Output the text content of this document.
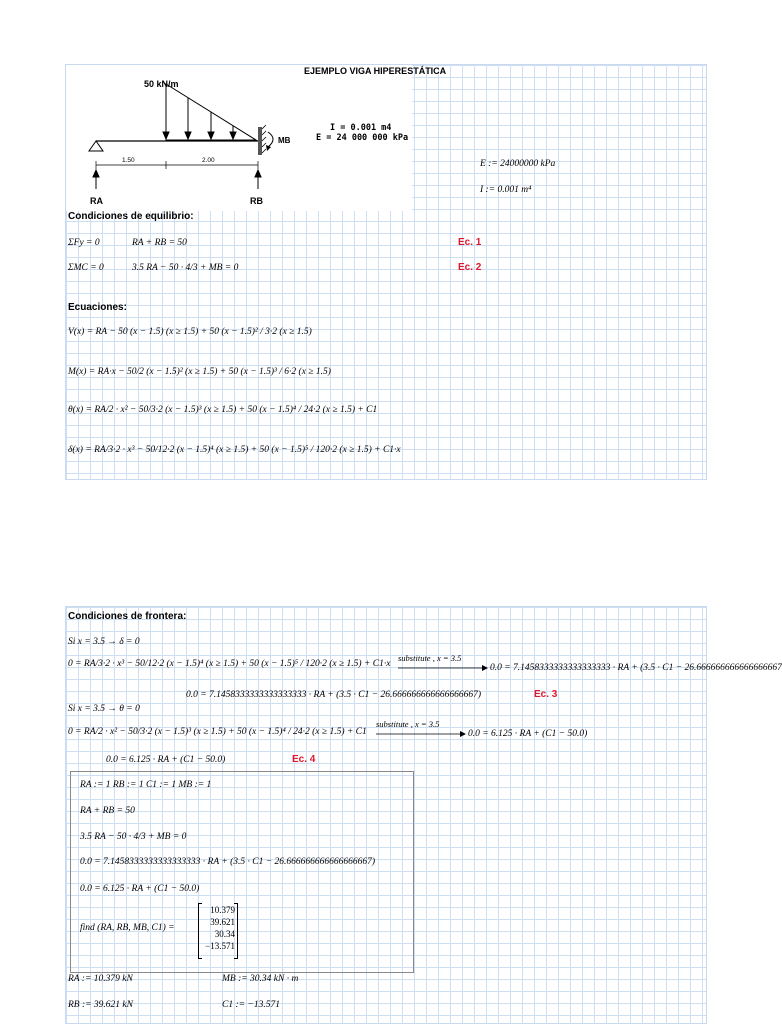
EJEMPLO VIGA HIPERESTÁTICA
50 kN/m
MB
I = 0.001 m4
E = 24 000 000 kPa
1.50	2.00
RA	RB
E := 24000000 kPa
I := 0.001 m⁴
Condiciones de equilibrio:
ΣFy = 0	RA + RB = 50	Ec. 1
ΣMC = 0	3.5 RA − 50 · 4/3 + MB = 0	Ec. 2
Ecuaciones:
V(x) = RA − 50 (x − 1.5) (x ≥ 1.5) + 50 (x − 1.5)² / 3·2 (x ≥ 1.5)
M(x) = RA·x − 50/2 (x − 1.5)² (x ≥ 1.5) + 50 (x − 1.5)³ / 6·2 (x ≥ 1.5)
θ(x) = RA/2 · x² − 50/3·2 (x − 1.5)³ (x ≥ 1.5) + 50 (x − 1.5)⁴ / 24·2 (x ≥ 1.5) + C1
δ(x) = RA/3·2 · x³ − 50/12·2 (x − 1.5)⁴ (x ≥ 1.5) + 50 (x − 1.5)⁵ / 120·2 (x ≥ 1.5) + C1·x
Condiciones de frontera:
Si x = 3.5 → δ = 0
0 = RA/3·2 · x³ − 50/12·2 (x − 1.5)⁴ (x ≥ 1.5) + 50 (x − 1.5)⁵ / 120·2 (x ≥ 1.5) + C1·x
substitute , x = 3.5
0.0 = 7.1458333333333333333 · RA + (3.5 · C1 − 26.666666666666666667
0.0 = 7.1458333333333333333 · RA + (3.5 · C1 − 26.666666666666666667)	Ec. 3
Si x = 3.5 → θ = 0
0 = RA/2 · x² − 50/3·2 (x − 1.5)³ (x ≥ 1.5) + 50 (x − 1.5)⁴ / 24·2 (x ≥ 1.5) + C1
substitute , x = 3.5
0.0 = 6.125 · RA + (C1 − 50.0)
0.0 = 6.125 · RA + (C1 − 50.0)	Ec. 4
RA := 1 RB := 1 C1 := 1 MB := 1
RA + RB = 50
3.5 RA − 50 · 4/3 + MB = 0
0.0 = 7.1458333333333333333 · RA + (3.5 · C1 − 26.666666666666666667)
0.0 = 6.125 · RA + (C1 − 50.0)
find (RA, RB, MB, C1) =
10.379
39.621
30.34
−13.571
RA := 10.379 kN	MB := 30.34 kN · m
RB := 39.621 kN	C1 := −13.571
